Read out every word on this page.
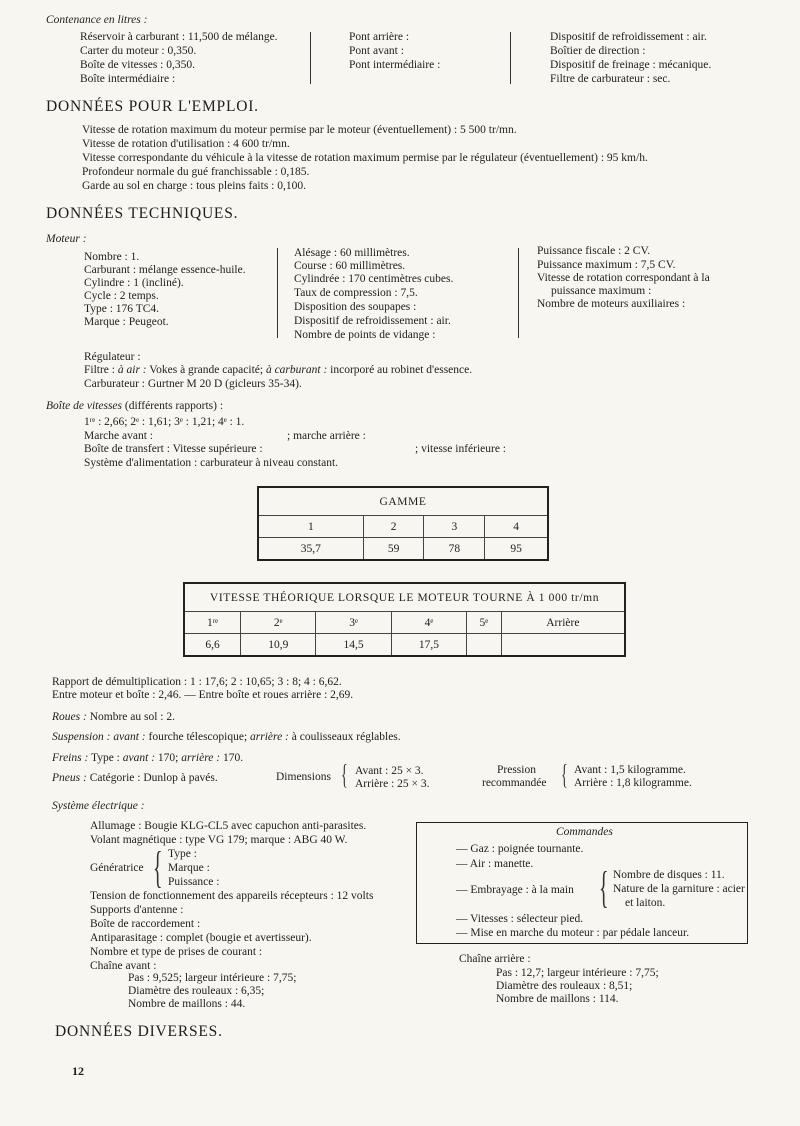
Contenance en litres :
Réservoir à carburant : 11,500 de mélange.
Carter du moteur : 0,350.
Boîte de vitesses : 0,350.
Boîte intermédiaire :
Pont arrière :
Pont avant :
Pont intermédiaire :
Dispositif de refroidissement : air.
Boîtier de direction :
Dispositif de freinage : mécanique.
Filtre de carburateur : sec.
DONNÉES POUR L'EMPLOI.
Vitesse de rotation maximum du moteur permise par le moteur (éventuellement) : 5 500 tr/mn.
Vitesse de rotation d'utilisation : 4 600 tr/mn.
Vitesse correspondante du véhicule à la vitesse de rotation maximum permise par le régulateur (éventuellement) : 95 km/h.
Profondeur normale du gué franchissable : 0,185.
Garde au sol en charge : tous pleins faits : 0,100.
DONNÉES TECHNIQUES.
Moteur :
Nombre : 1.
Carburant : mélange essence-huile.
Cylindre : 1 (incliné).
Cycle : 2 temps.
Type : 176 TC4.
Marque : Peugeot.
Alésage : 60 millimètres.
Course : 60 millimètres.
Cylindrée : 170 centimètres cubes.
Taux de compression : 7,5.
Disposition des soupapes :
Dispositif de refroidissement : air.
Nombre de points de vidange :
Puissance fiscale : 2 CV.
Puissance maximum : 7,5 CV.
Vitesse de rotation correspondant à la
puissance maximum :
Nombre de moteurs auxiliaires :
Régulateur :
Filtre : à air : Vokes à grande capacité; à carburant : incorporé au robinet d'essence.
Carburateur : Gurtner M 20 D (gicleurs 35-34).
Boîte de vitesses (différents rapports) :
1ʳᵉ : 2,66; 2ᵉ : 1,61; 3ᵉ : 1,21; 4ᵉ : 1.
Marche avant :	; marche arrière :
Boîte de transfert : Vitesse supérieure :	; vitesse inférieure :
Système d'alimentation : carburateur à niveau constant.
GAMME			
1	2	3	4
35,7	59	78	95
VITESSE THÉORIQUE LORSQUE LE MOTEUR TOURNE À 1 000 tr/mn					
1ʳᵉ	2ᵉ	3ᵉ	4ᵉ	5ᵉ	Arrière
6,6	10,9	14,5	17,5		
Rapport de démultiplication : 1 : 17,6; 2 : 10,65; 3 : 8; 4 : 6,62.
Entre moteur et boîte : 2,46. — Entre boîte et roues arrière : 2,69.
Roues : Nombre au sol : 2.
Suspension : avant : fourche télescopique; arrière : à coulisseaux réglables.
Freins : Type : avant : 170; arrière : 170.
Pneus : Catégorie : Dunlop à pavés.	Dimensions { Avant : 25 × 3.
Arrière : 25 × 3.
Pression
recommandée { Avant : 1,5 kilogramme.
Arrière : 1,8 kilogramme.
Système électrique :
Allumage : Bougie KLG-CL5 avec capuchon anti-parasites.
Volant magnétique : type VG 179; marque : ABG 40 W.
Génératrice { Type :
Marque :
Puissance :
Tension de fonctionnement des appareils récepteurs : 12 volts
Supports d'antenne :
Boîte de raccordement :
Antiparasitage : complet (bougie et avertisseur).
Nombre et type de prises de courant :
Chaîne avant :
Pas : 9,525; largeur intérieure : 7,75;
Diamètre des rouleaux : 6,35;
Nombre de maillons : 44.
Commandes
— Gaz : poignée tournante.
— Air : manette.
— Embrayage : à la main { Nombre de disques : 11.
Nature de la garniture : acier
et laiton.
— Vitesses : sélecteur pied.
— Mise en marche du moteur : par pédale lanceur.
Chaîne arrière :
Pas : 12,7; largeur intérieure : 7,75;
Diamètre des rouleaux : 8,51;
Nombre de maillons : 114.
DONNÉES DIVERSES.
12
